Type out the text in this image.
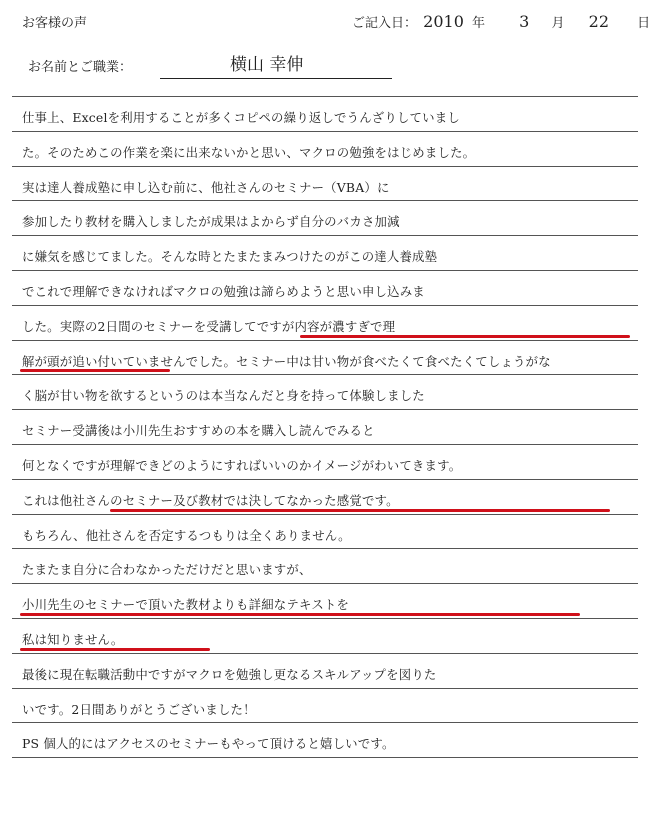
お客様の声	ご記入日： 2010 年 3 月 22 日
お名前とご職業：	横山 幸伸
仕事上、Excelを利用することが多くコピペの繰り返しでうんざりしていまし
た。そのためこの作業を楽に出来ないかと思い、マクロの勉強をはじめました。
実は達人養成塾に申し込む前に、他社さんのセミナー（VBA）に
参加したり教材を購入しましたが成果はよからず自分のバカさ加減
に嫌気を感じてました。そんな時とたまたまみつけたのがこの達人養成塾
でこれで理解できなければマクロの勉強は諦らめようと思い申し込みま
した。実際の2日間のセミナーを受講してですが内容が濃すぎで理
解が頭が追い付いていませんでした。セミナー中は甘い物が食べたくて食べたくてしょうがな
く脳が甘い物を欲するというのは本当なんだと身を持って体験しました
セミナー受講後は小川先生おすすめの本を購入し読んでみると
何となくですが理解できどのようにすればいいのかイメージがわいてきます。
これは他社さんのセミナー及び教材では決してなかった感覚です。
もちろん、他社さんを否定するつもりは全くありません。
たまたま自分に合わなかっただけだと思いますが、
小川先生のセミナーで頂いた教材よりも詳細なテキストを
私は知りません。
最後に現在転職活動中ですがマクロを勉強し更なるスキルアップを図りた
いです。2日間ありがとうございました！
PS 個人的にはアクセスのセミナーもやって頂けると嬉しいです。
